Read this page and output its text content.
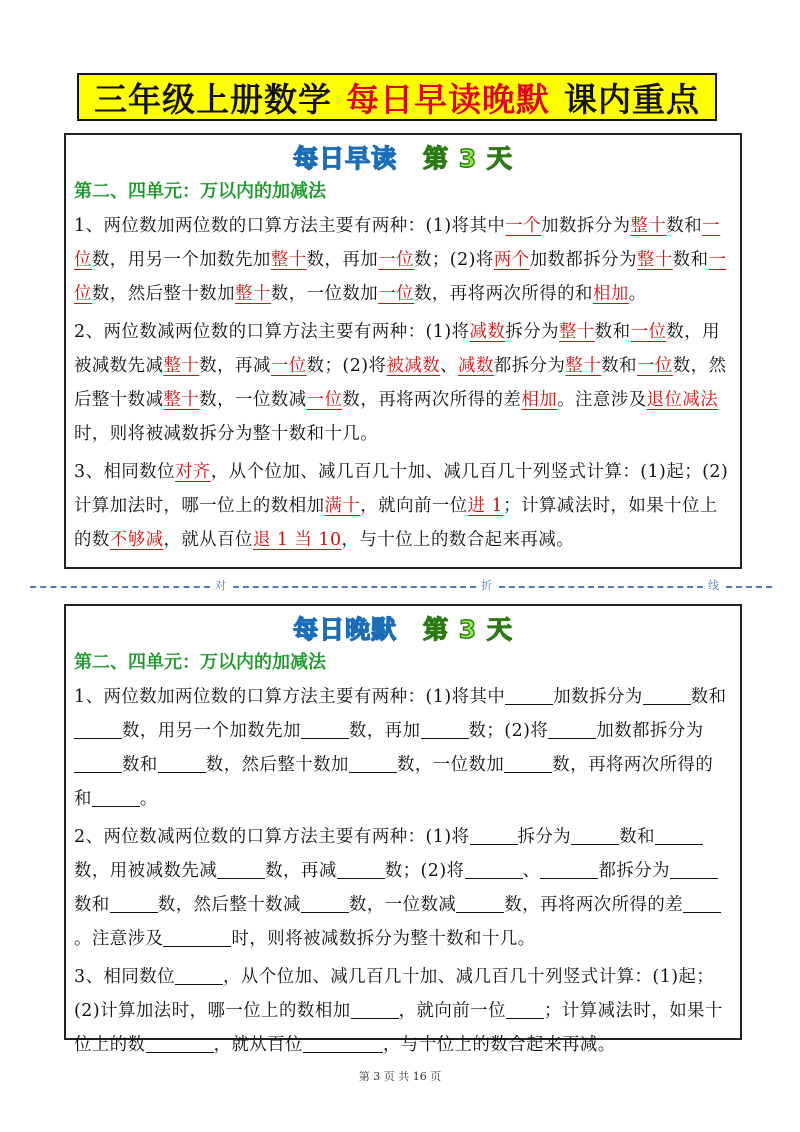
三年级上册数学 每日早读晚默 课内重点
每日早读 第 3 天
第二、四单元：万以内的加减法
1、两位数加两位数的口算方法主要有两种：(1)将其中一个加数拆分为整十数和一位数，用另一个加数先加整十数，再加一位数；(2)将两个加数都拆分为整十数和一位数，然后整十数加整十数，一位数加一位数，再将两次所得的和相加。
2、两位数减两位数的口算方法主要有两种：(1)将减数拆分为整十数和一位数，用被减数先减整十数，再减一位数；(2)将被减数、减数都拆分为整十数和一位数，然后整十数减整十数，一位数减一位数，再将两次所得的差相加。注意涉及退位减法时，则将被减数拆分为整十数和十几。
3、相同数位对齐，从个位加、减几百几十加、减几百几十列竖式计算：(1)起；(2)计算加法时，哪一位上的数相加满十，就向前一位进 1；计算减法时，如果十位上的数不够减，就从百位退 1 当 10，与十位上的数合起来再减。
对	折	线
每日晚默 第 3 天
第二、四单元：万以内的加减法
1、两位数加两位数的口算方法主要有两种：(1)将其中	加数拆分为	数和数，用另一个加数先加	数，再加	数；(2)将	加数都拆分为数和	数，然后整十数加	数，一位数加	数，再将两次所得的和	。
2、两位数减两位数的口算方法主要有两种：(1)将	拆分为	数和数，用被减数先减	数，再减	数；(2)将	、	都拆分为数和	数，然后整十数减	数，一位数减	数，再将两次所得的差。注意涉及	时，则将被减数拆分为整十数和十几。
3、相同数位	，从个位加、减几百几十加、减几百几十列竖式计算：(1)起；(2)计算加法时，哪一位上的数相加	，就向前一位 ；计算减法时，如果十位上的数	，就从百位	，与十位上的数合起来再减。
第 3 页 共 16 页
